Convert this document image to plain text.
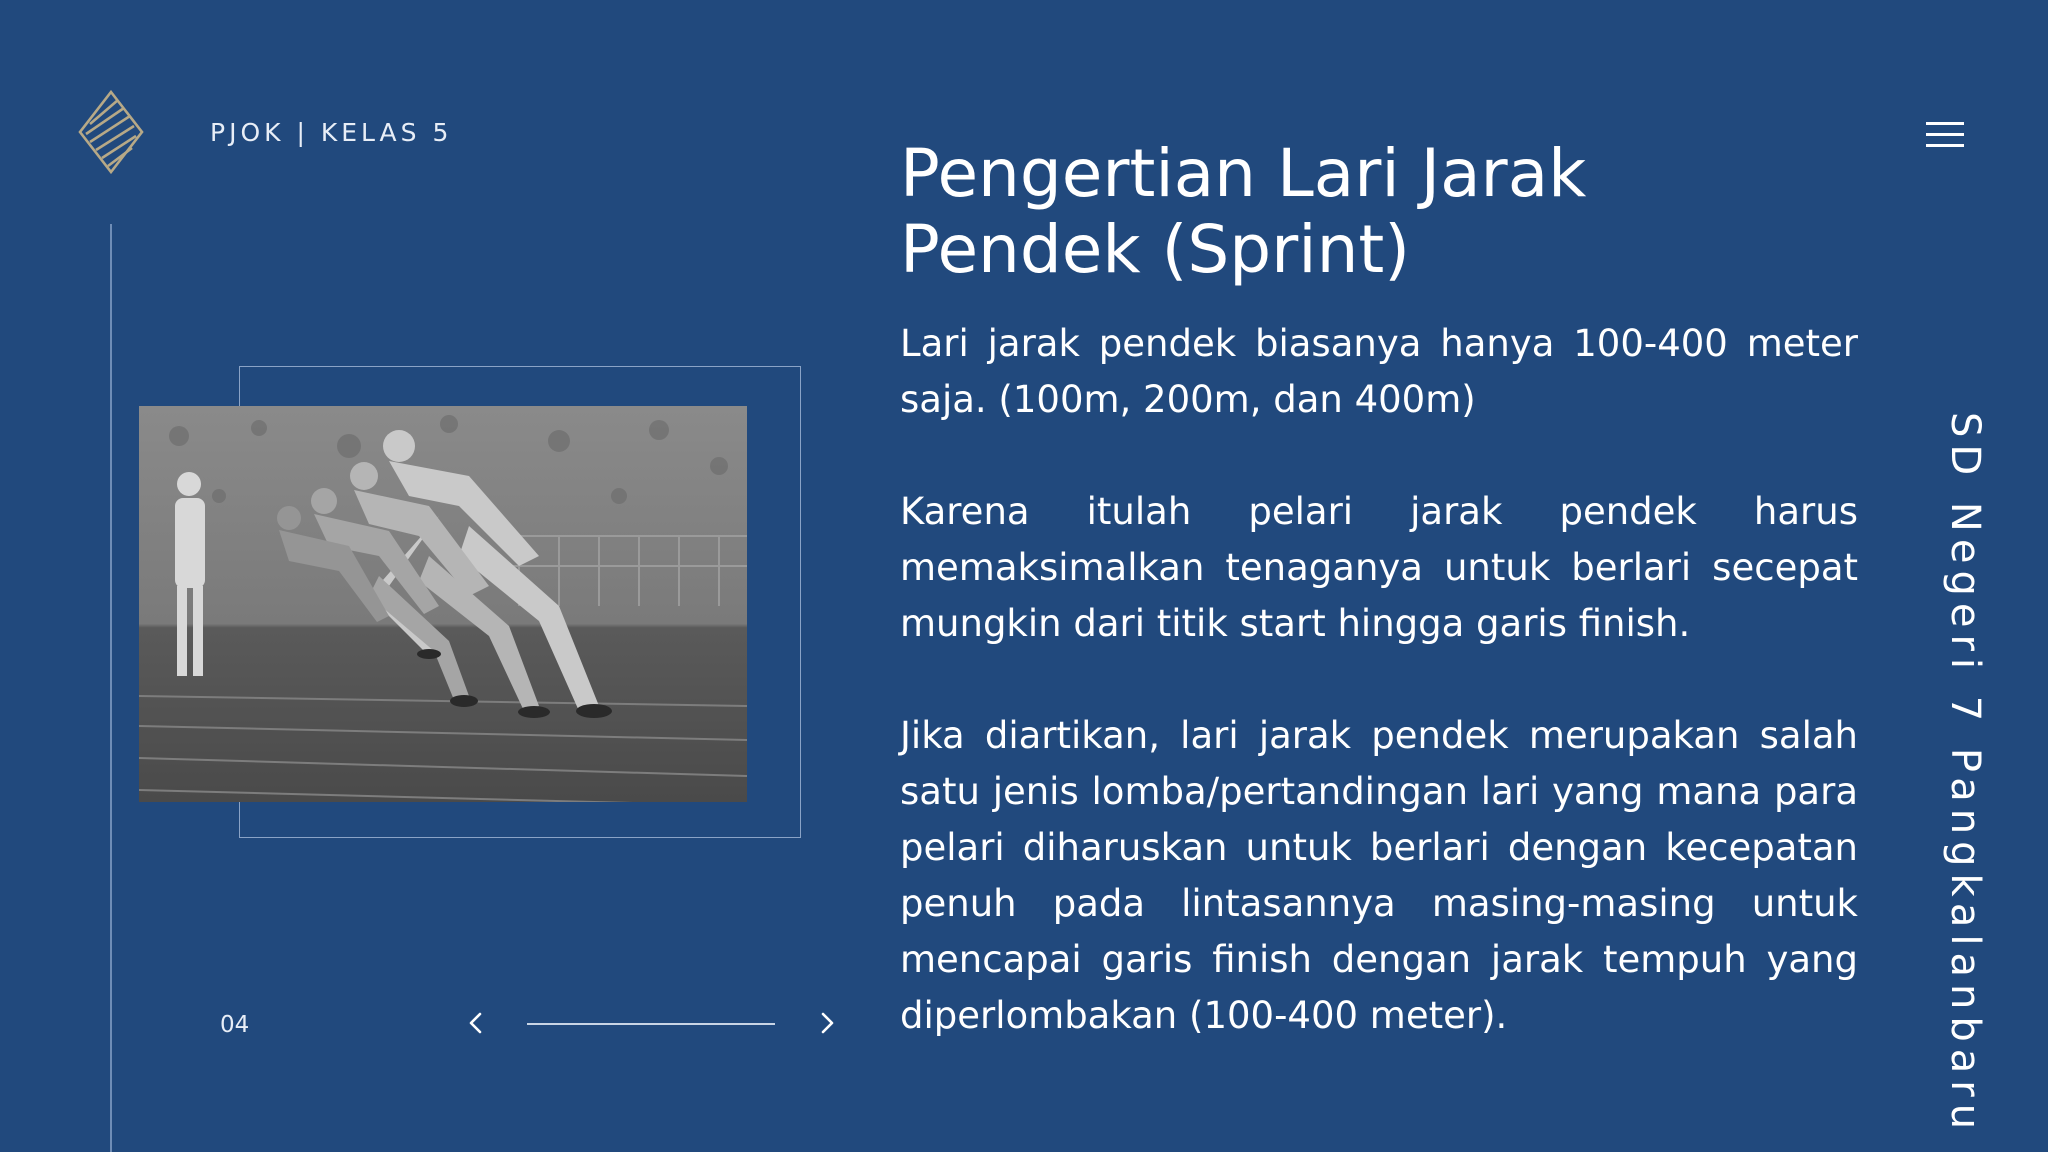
PJOK | KELAS 5
Pengertian Lari Jarak
Pendek (Sprint)

Lari jarak pendek biasanya hanya 100-400 meter saja. (100m, 200m, dan 400m)

Karena itulah pelari jarak pendek harus memaksimalkan tenaganya untuk berlari secepat mungkin dari titik start hingga garis finish.

Jika diartikan, lari jarak pendek merupakan salah satu jenis lomba/pertandingan lari yang mana para pelari diharuskan untuk berlari dengan kecepatan penuh pada lintasannya masing-masing untuk mencapai garis finish dengan jarak tempuh yang diperlombakan (100-400 meter).	SD Negeri 7 Pangkalanbaru
04
